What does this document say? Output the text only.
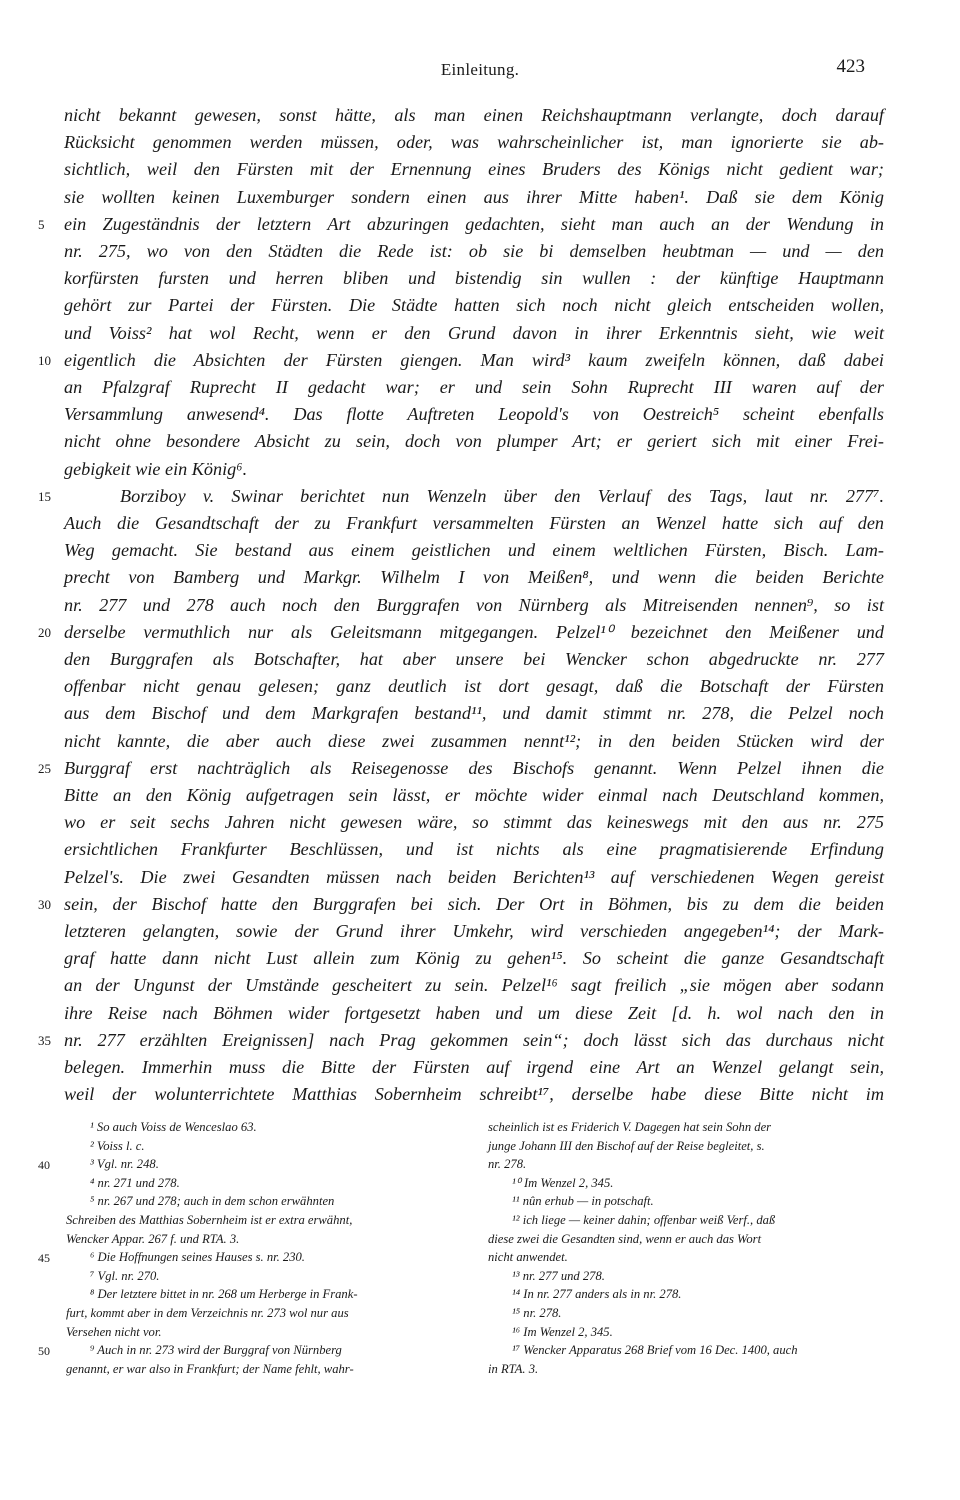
Einleitung.	423
nicht bekannt gewesen, sonst hätte, als man einen Reichshauptmann verlangte, doch darauf
Rücksicht genommen werden müssen, oder, was wahrscheinlicher ist, man ignorierte sie ab-
sichtlich, weil den Fürsten mit der Ernennung eines Bruders des Königs nicht gedient war;
sie wollten keinen Luxemburger sondern einen aus ihrer Mitte haben¹. Daß sie dem König
ein Zugeständnis der letztern Art abzuringen gedachten, sieht man auch an der Wendung in
5
nr. 275, wo von den Städten die Rede ist: ob sie bi demselben heubtman — und — den
korfürsten fursten und herren bliben und bistendig sin wullen : der künftige Hauptmann
gehört zur Partei der Fürsten. Die Städte hatten sich noch nicht gleich entscheiden wollen,
und Voiss² hat wol Recht, wenn er den Grund davon in ihrer Erkenntnis sieht, wie weit
eigentlich die Absichten der Fürsten giengen. Man wird³ kaum zweifeln können, daß dabei
10
an Pfalzgraf Ruprecht II gedacht war; er und sein Sohn Ruprecht III waren auf der
Versammlung anwesend⁴. Das flotte Auftreten Leopold's von Oestreich⁵ scheint ebenfalls
nicht ohne besondere Absicht zu sein, doch von plumper Art; er geriert sich mit einer Frei-
gebigkeit wie ein König⁶.
Borziboy v. Swinar berichtet nun Wenzeln über den Verlauf des Tags, laut nr. 277⁷.
15
Auch die Gesandtschaft der zu Frankfurt versammelten Fürsten an Wenzel hatte sich auf den
Weg gemacht. Sie bestand aus einem geistlichen und einem weltlichen Fürsten, Bisch. Lam-
precht von Bamberg und Markgr. Wilhelm I von Meißen⁸, und wenn die beiden Berichte
nr. 277 und 278 auch noch den Burggrafen von Nürnberg als Mitreisenden nennen⁹, so ist
derselbe vermuthlich nur als Geleitsmann mitgegangen. Pelzel¹⁰ bezeichnet den Meißener und
20
den Burggrafen als Botschafter, hat aber unsere bei Wencker schon abgedruckte nr. 277
offenbar nicht genau gelesen; ganz deutlich ist dort gesagt, daß die Botschaft der Fürsten
aus dem Bischof und dem Markgrafen bestand¹¹, und damit stimmt nr. 278, die Pelzel noch
nicht kannte, die aber auch diese zwei zusammen nennt¹²; in den beiden Stücken wird der
Burggraf erst nachträglich als Reisegenosse des Bischofs genannt. Wenn Pelzel ihnen die
25
Bitte an den König aufgetragen sein lässt, er möchte wider einmal nach Deutschland kommen,
wo er seit sechs Jahren nicht gewesen wäre, so stimmt das keineswegs mit den aus nr. 275
ersichtlichen Frankfurter Beschlüssen, und ist nichts als eine pragmatisierende Erfindung
Pelzel's. Die zwei Gesandten müssen nach beiden Berichten¹³ auf verschiedenen Wegen gereist
sein, der Bischof hatte den Burggrafen bei sich. Der Ort in Böhmen, bis zu dem die beiden
30
letzteren gelangten, sowie der Grund ihrer Umkehr, wird verschieden angegeben¹⁴; der Mark-
graf hatte dann nicht Lust allein zum König zu gehen¹⁵. So scheint die ganze Gesandtschaft
an der Ungunst der Umstände gescheitert zu sein. Pelzel¹⁶ sagt freilich „sie mögen aber sodann
ihre Reise nach Böhmen wider fortgesetzt haben und um diese Zeit [d. h. wol nach den in
nr. 277 erzählten Ereignissen] nach Prag gekommen sein“; doch lässt sich das durchaus nicht
35
belegen. Immerhin muss die Bitte der Fürsten auf irgend eine Art an Wenzel gelangt sein,
weil der wolunterrichtete Matthias Sobernheim schreibt¹⁷, derselbe habe diese Bitte nicht im
¹ So auch Voiss de Wenceslao 63.
² Voiss l. c.
³ Vgl. nr. 248.
⁴ nr. 271 und 278.
⁵ nr. 267 und 278; auch in dem schon erwähnten
Schreiben des Matthias Sobernheim ist er extra erwähnt,
Wencker Appar. 267 f. und RTA. 3.
⁶ Die Hoffnungen seines Hauses s. nr. 230.
⁷ Vgl. nr. 270.
⁸ Der letztere bittet in nr. 268 um Herberge in Frank-
furt, kommt aber in dem Verzeichnis nr. 273 wol nur aus
Versehen nicht vor.
⁹ Auch in nr. 273 wird der Burggraf von Nürnberg
genannt, er war also in Frankfurt; der Name fehlt, wahr-
scheinlich ist es Friderich V. Dagegen hat sein Sohn der
junge Johann III den Bischof auf der Reise begleitet, s.
nr. 278.
¹⁰ Im Wenzel 2, 345.
¹¹ nûn erhub — in potschaft.
¹² ich liege — keiner dahin; offenbar weiß Verf., daß
diese zwei die Gesandten sind, wenn er auch das Wort
nicht anwendet.
¹³ nr. 277 und 278.
¹⁴ In nr. 277 anders als in nr. 278.
¹⁵ nr. 278.
¹⁶ Im Wenzel 2, 345.
¹⁷ Wencker Apparatus 268 Brief vom 16 Dec. 1400, auch
in RTA. 3.
40
45
50
